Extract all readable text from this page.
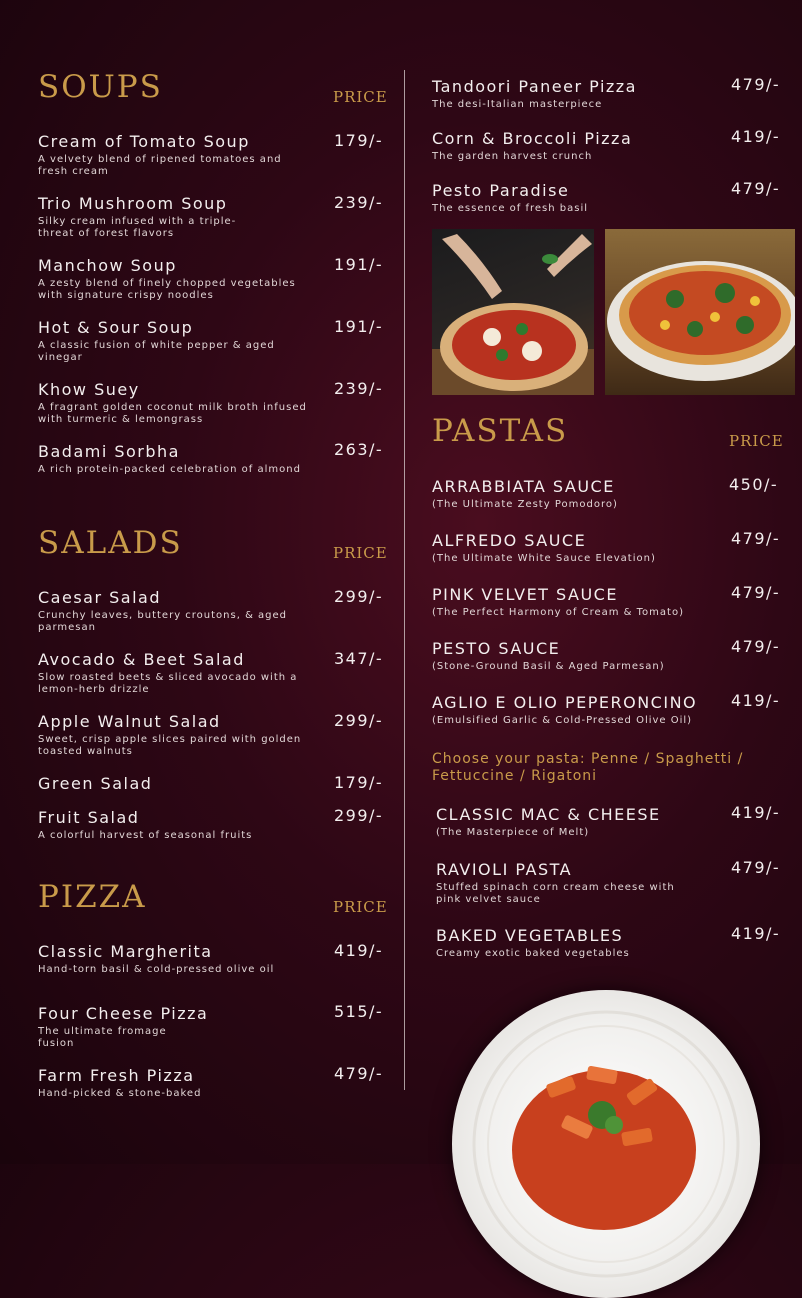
SOUPS	PRICE
Cream of Tomato Soup
A velvety blend of ripened tomatoes and fresh cream
179/-
Trio Mushroom Soup
Silky cream infused with a triple-threat of forest flavors
239/-
Manchow Soup
A zesty blend of finely chopped vegetables with signature crispy noodles
191/-
Hot & Sour Soup
A classic fusion of white pepper & aged vinegar
191/-
Khow Suey
A fragrant golden coconut milk broth infused with turmeric & lemongrass
239/-
Badami Sorbha
A rich protein-packed celebration of almond
263/-
SALADS	PRICE
Caesar Salad
Crunchy leaves, buttery croutons, & aged parmesan
299/-
Avocado & Beet Salad
Slow roasted beets & sliced avocado with a lemon-herb drizzle
347/-
Apple Walnut Salad
Sweet, crisp apple slices paired with golden toasted walnuts
299/-
Green Salad	179/-
Fruit Salad
A colorful harvest of seasonal fruits
299/-
PIZZA	PRICE
Classic Margherita
Hand-torn basil & cold-pressed olive oil
419/-
Four Cheese Pizza
The ultimate fromage fusion
515/-
Farm Fresh Pizza
Hand-picked & stone-baked
479/-
Tandoori Paneer Pizza
The desi-Italian masterpiece
479/-
Corn & Broccoli Pizza
The garden harvest crunch
419/-
Pesto Paradise
The essence of fresh basil
479/-
PASTAS	PRICE
ARRABBIATA SAUCE
(The Ultimate Zesty Pomodoro)
450/-
ALFREDO SAUCE
(The Ultimate White Sauce Elevation)
479/-
PINK VELVET SAUCE
(The Perfect Harmony of Cream & Tomato)
479/-
PESTO SAUCE
(Stone-Ground Basil & Aged Parmesan)
479/-
AGLIO E OLIO PEPERONCINO
(Emulsified Garlic & Cold-Pressed Olive Oil)
419/-
Choose your pasta: Penne / Spaghetti / Fettuccine / Rigatoni
CLASSIC MAC & CHEESE
(The Masterpiece of Melt)
419/-
RAVIOLI PASTA
Stuffed spinach corn cream cheese with pink velvet sauce
479/-
BAKED VEGETABLES
Creamy exotic baked vegetables
419/-
